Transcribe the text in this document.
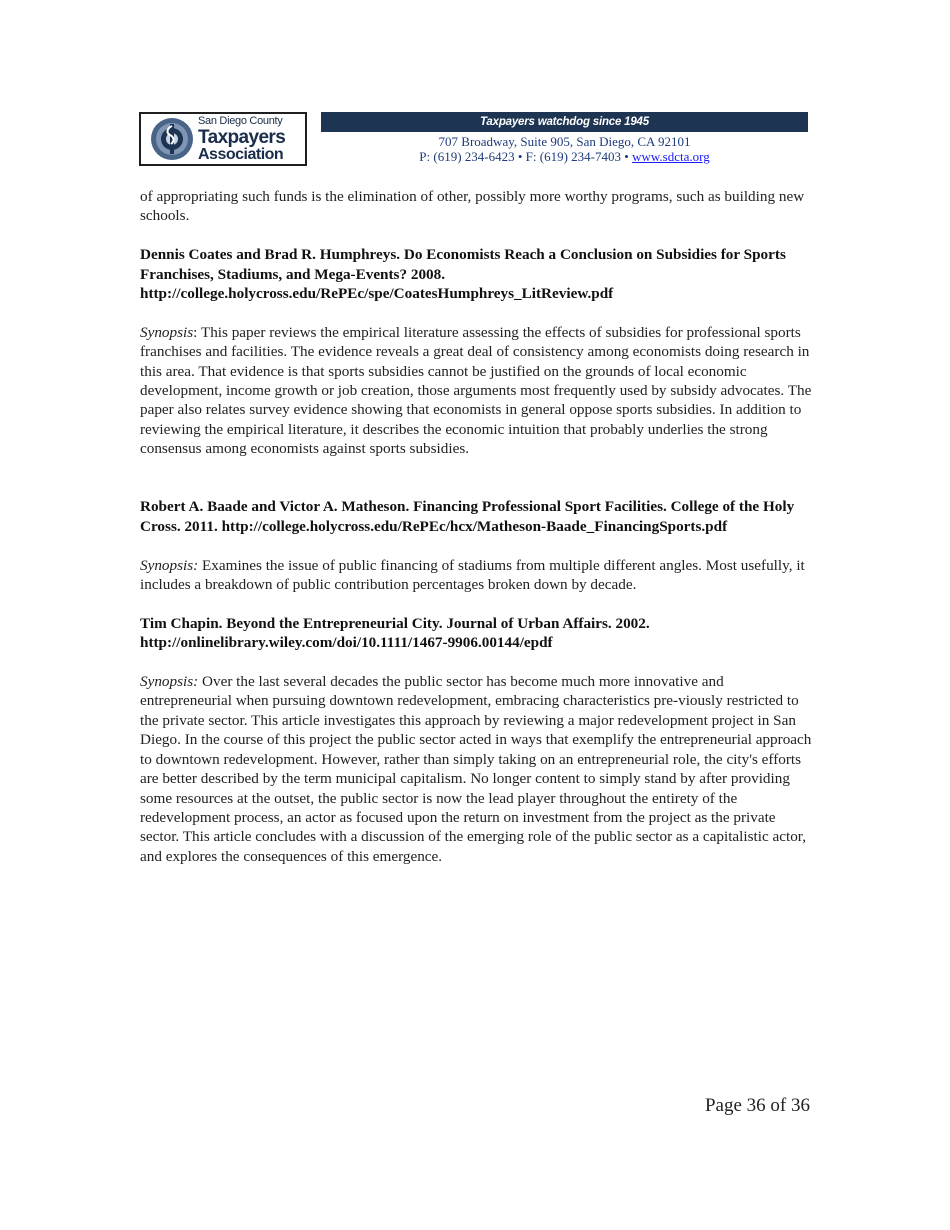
San Diego County
Taxpayers
Association
Taxpayers watchdog since 1945
707 Broadway, Suite 905, San Diego, CA 92101
P: (619) 234-6423 • F: (619) 234-7403 • www.sdcta.org

of appropriating such funds is the elimination of other, possibly more worthy programs, such as building new schools.

Dennis Coates and Brad R. Humphreys. Do Economists Reach a Conclusion on Subsidies for Sports Franchises, Stadiums, and Mega-Events? 2008. http://college.holycross.edu/RePEc/spe/CoatesHumphreys_LitReview.pdf

Synopsis: This paper reviews the empirical literature assessing the effects of subsidies for professional sports franchises and facilities. The evidence reveals a great deal of consistency among economists doing research in this area. That evidence is that sports subsidies cannot be justified on the grounds of local economic development, income growth or job creation, those arguments most frequently used by subsidy advocates. The paper also relates survey evidence showing that economists in general oppose sports subsidies. In addition to reviewing the empirical literature, it describes the economic intuition that probably underlies the strong consensus among economists against sports subsidies.

Robert A. Baade and Victor A. Matheson. Financing Professional Sport Facilities. College of the Holy Cross. 2011. http://college.holycross.edu/RePEc/hcx/Matheson-Baade_FinancingSports.pdf

Synopsis: Examines the issue of public financing of stadiums from multiple different angles. Most usefully, it includes a breakdown of public contribution percentages broken down by decade.

Tim Chapin. Beyond the Entrepreneurial City. Journal of Urban Affairs. 2002. http://onlinelibrary.wiley.com/doi/10.1111/1467-9906.00144/epdf

Synopsis: Over the last several decades the public sector has become much more innovative and entrepreneurial when pursuing downtown redevelopment, embracing characteristics pre-viously restricted to the private sector. This article investigates this approach by reviewing a major redevelopment project in San Diego. In the course of this project the public sector acted in ways that exemplify the entrepreneurial approach to downtown redevelopment. However, rather than simply taking on an entrepreneurial role, the city's efforts are better described by the term municipal capitalism. No longer content to simply stand by after providing some resources at the outset, the public sector is now the lead player throughout the entirety of the redevelopment process, an actor as focused upon the return on investment from the project as the private sector. This article concludes with a discussion of the emerging role of the public sector as a capitalistic actor, and explores the consequences of this emergence.

Page 36 of 36
